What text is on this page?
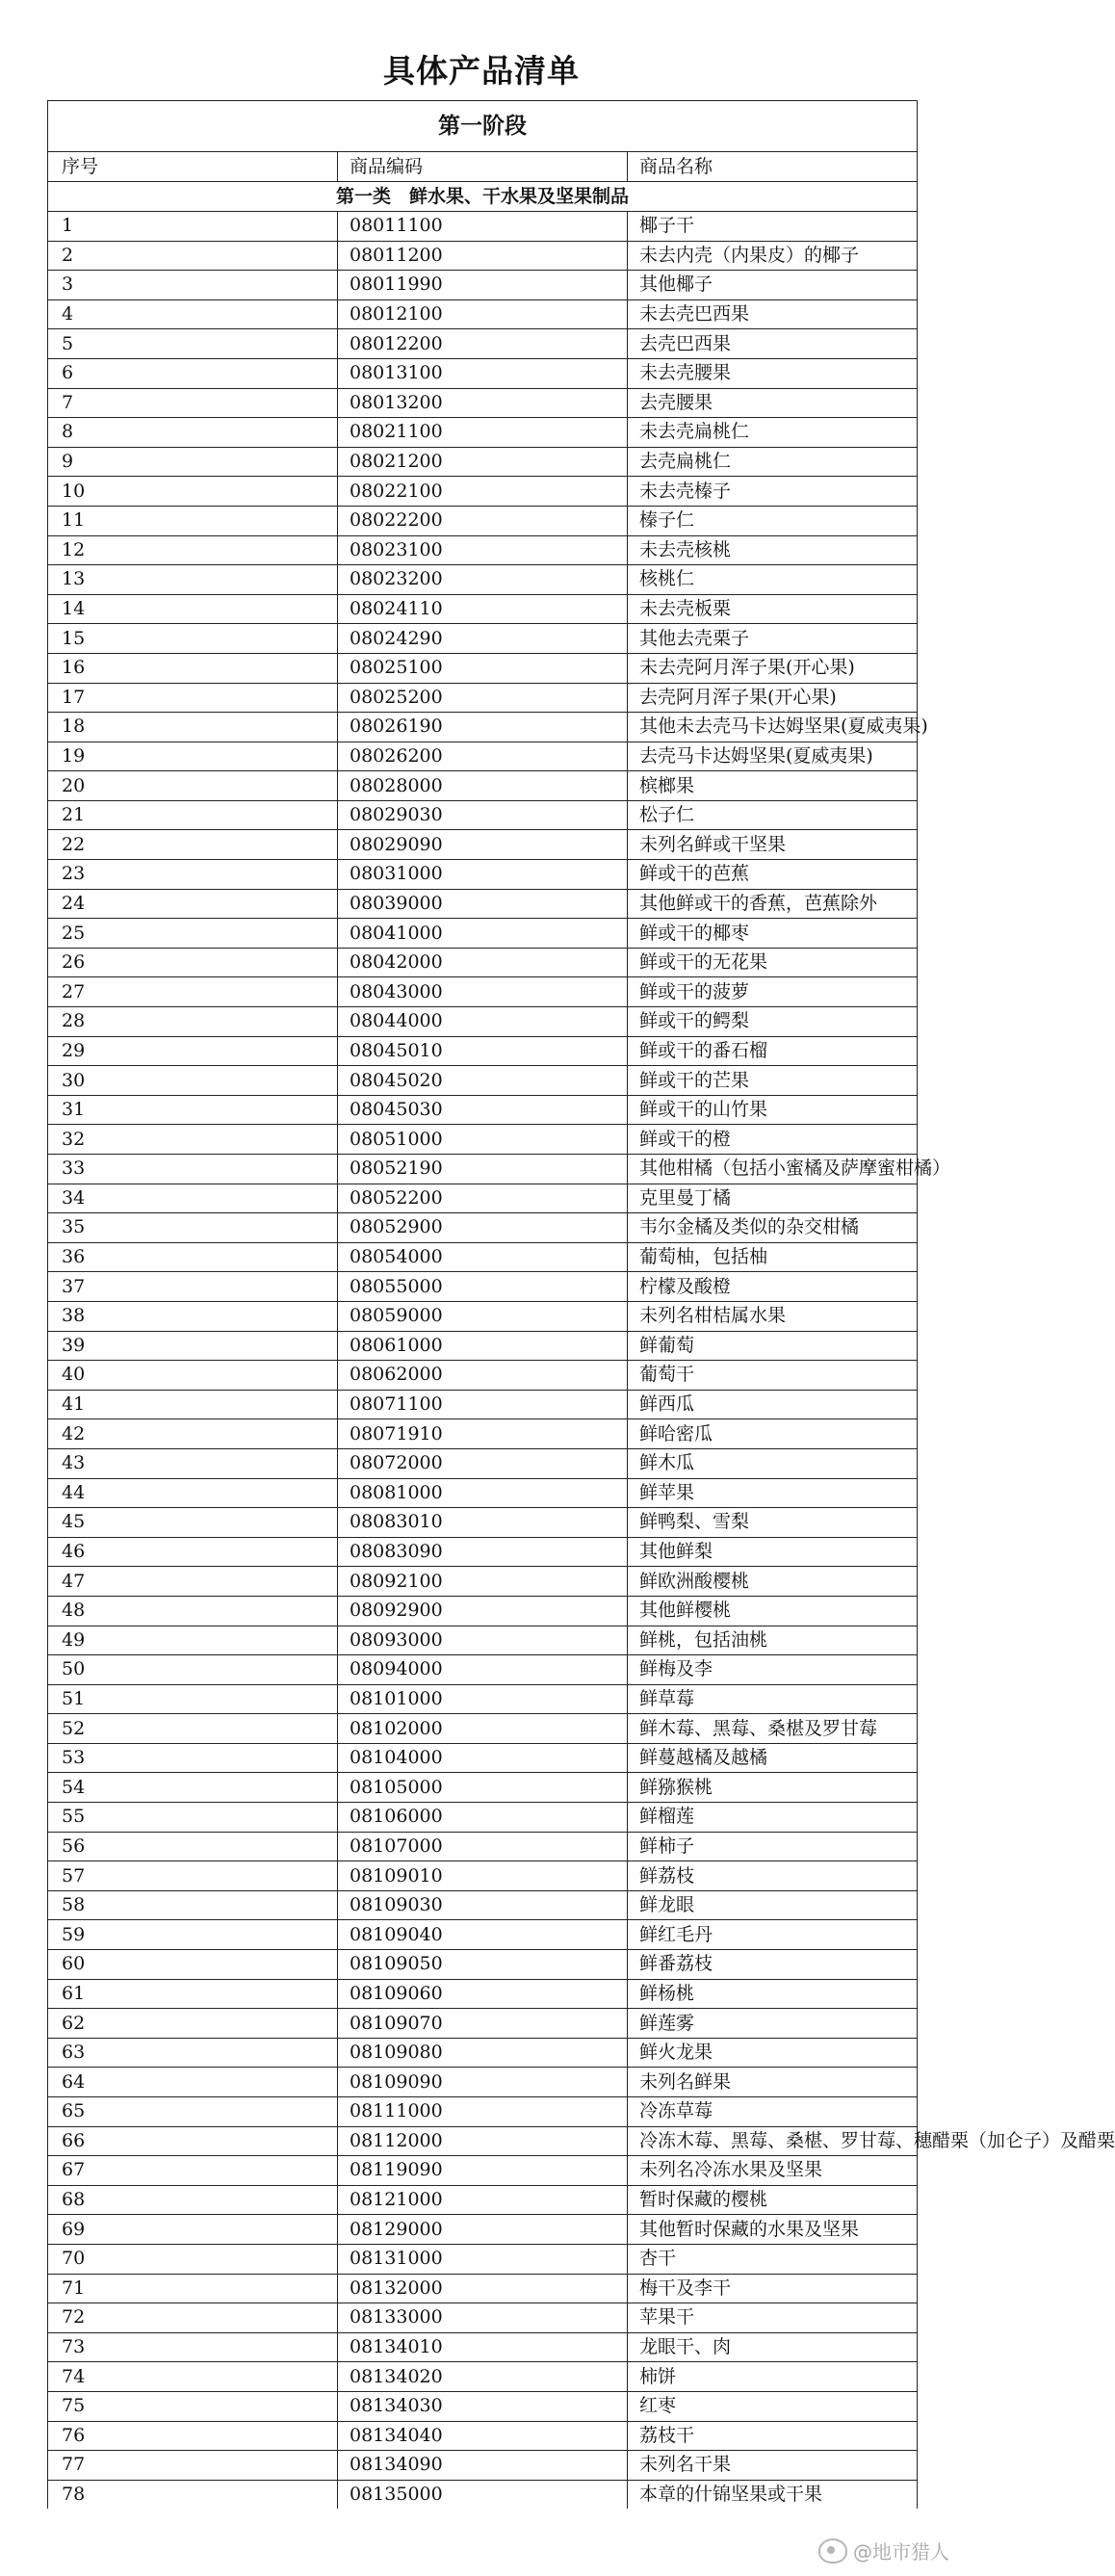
具体产品清单
第一阶段		
序号	商品编码	商品名称
第一类　鲜水果、干水果及坚果制品		
1	08011100	椰子干
2	08011200	未去内壳（内果皮）的椰子
3	08011990	其他椰子
4	08012100	未去壳巴西果
5	08012200	去壳巴西果
6	08013100	未去壳腰果
7	08013200	去壳腰果
8	08021100	未去壳扁桃仁
9	08021200	去壳扁桃仁
10	08022100	未去壳榛子
11	08022200	榛子仁
12	08023100	未去壳核桃
13	08023200	核桃仁
14	08024110	未去壳板栗
15	08024290	其他去壳栗子
16	08025100	未去壳阿月浑子果(开心果)
17	08025200	去壳阿月浑子果(开心果)
18	08026190	其他未去壳马卡达姆坚果(夏威夷果)
19	08026200	去壳马卡达姆坚果(夏威夷果)
20	08028000	槟榔果
21	08029030	松子仁
22	08029090	未列名鲜或干坚果
23	08031000	鲜或干的芭蕉
24	08039000	其他鲜或干的香蕉，芭蕉除外
25	08041000	鲜或干的椰枣
26	08042000	鲜或干的无花果
27	08043000	鲜或干的菠萝
28	08044000	鲜或干的鳄梨
29	08045010	鲜或干的番石榴
30	08045020	鲜或干的芒果
31	08045030	鲜或干的山竹果
32	08051000	鲜或干的橙
33	08052190	其他柑橘（包括小蜜橘及萨摩蜜柑橘）
34	08052200	克里曼丁橘
35	08052900	韦尔金橘及类似的杂交柑橘
36	08054000	葡萄柚，包括柚
37	08055000	柠檬及酸橙
38	08059000	未列名柑桔属水果
39	08061000	鲜葡萄
40	08062000	葡萄干
41	08071100	鲜西瓜
42	08071910	鲜哈密瓜
43	08072000	鲜木瓜
44	08081000	鲜苹果
45	08083010	鲜鸭梨、雪梨
46	08083090	其他鲜梨
47	08092100	鲜欧洲酸樱桃
48	08092900	其他鲜樱桃
49	08093000	鲜桃，包括油桃
50	08094000	鲜梅及李
51	08101000	鲜草莓
52	08102000	鲜木莓、黑莓、桑椹及罗甘莓
53	08104000	鲜蔓越橘及越橘
54	08105000	鲜猕猴桃
55	08106000	鲜榴莲
56	08107000	鲜柿子
57	08109010	鲜荔枝
58	08109030	鲜龙眼
59	08109040	鲜红毛丹
60	08109050	鲜番荔枝
61	08109060	鲜杨桃
62	08109070	鲜莲雾
63	08109080	鲜火龙果
64	08109090	未列名鲜果
65	08111000	冷冻草莓
66	08112000	冷冻木莓、黑莓、桑椹、罗甘莓、穗醋栗（加仑子）及醋栗
67	08119090	未列名冷冻水果及坚果
68	08121000	暂时保藏的樱桃
69	08129000	其他暂时保藏的水果及坚果
70	08131000	杏干
71	08132000	梅干及李干
72	08133000	苹果干
73	08134010	龙眼干、肉
74	08134020	柿饼
75	08134030	红枣
76	08134040	荔枝干
77	08134090	未列名干果
78	08135000	本章的什锦坚果或干果
@地市猎人
